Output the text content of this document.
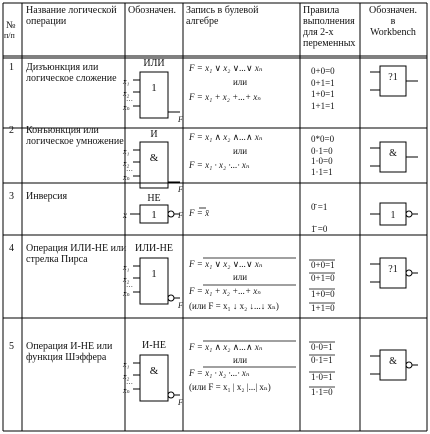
№
п/п
Название логической
операции
Обозначен. Запись в булевой
алгебре
Правила
выполнения
для 2-х
переменных
Обозначен.
в
Workbench
1 Дизъюнкция или
логическое сложение
ИЛИ
1
x₁
x₂
xₙ
…
F
F = x₁ ∨ x₂ ∨...∨ xₙ
или
F = x₁ + x₂ +...+ xₙ
0+0=0
0+1=1
1+0=1
1+1=1
?1
2 Конъюнкция или
логическое умножение
И
&
x₁
x₂
xₙ
…
F
F = x₁ ∧ x₂ ∧...∧ xₙ
или
F = x₁ · x₂ ·...· xₙ
0*0=0
0·1=0
1·0=0
1·1=1
&
3 Инверсия	НЕ
1
x	F F = x̄
0̄ =1
1̄ =0
1
4 Операция ИЛИ-НЕ или
стрелка Пирса
ИЛИ-НЕ
1
x₁
x₂
xₙ
…
F
F = x₁ ∨ x₂ ∨...∨ xₙ
или
F = x₁ + x₂ +...+ xₙ
(или F = x₁ ↓ x₂ ↓...↓ xₙ)
0+0=1
0+1=0
1+0=0
1+1=0
?1
5 Операция И-НЕ или
функция Шэффера
И-НЕ
&
x₁
x₂
xₙ
…
F
F = x₁ ∧ x₂ ∧...∧ xₙ
или
F = x₁ · x₂ ·...· xₙ
(или F = x₁ | x₂ |...| xₙ)
0·0=1
0·1=1
1·0=1
1·1=0
&
